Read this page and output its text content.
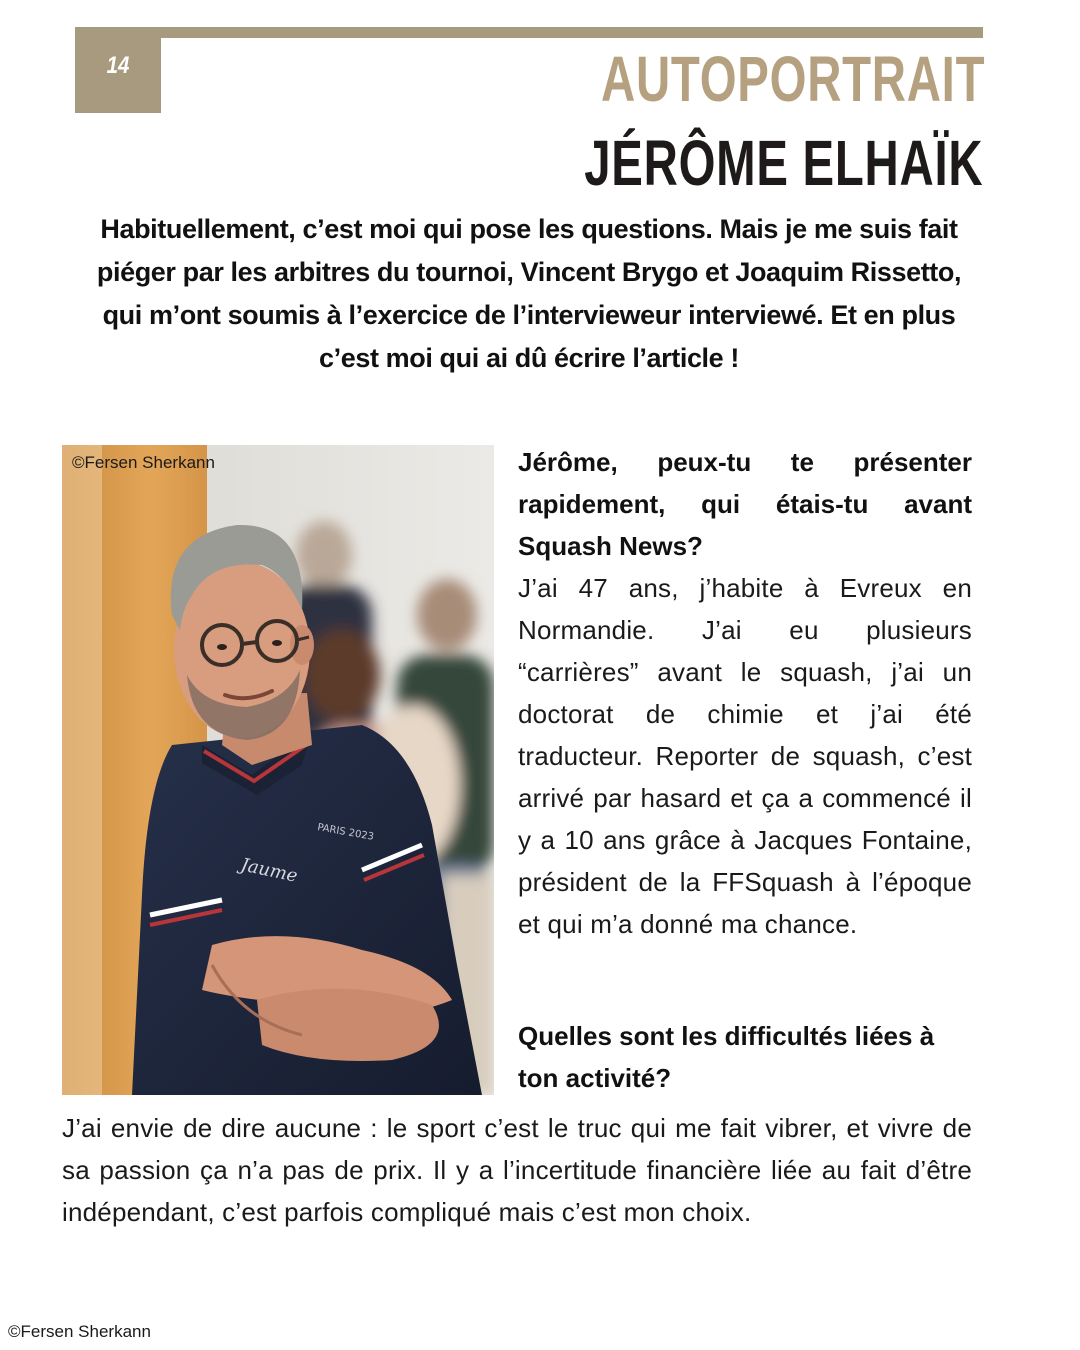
14	AUTOPORTRAIT
JÉRÔME ELHAÏK

Habituellement, c’est moi qui pose les questions. Mais je me suis fait piéger par les arbitres du tournoi, Vincent Brygo et Joaquim Rissetto, qui m’ont soumis à l’exercice de l’intervieweur interviewé. Et en plus c’est moi qui ai dû écrire l’article !

Jaume
PARIS 2023
©Fersen Sherkann	Jérôme, peux-tu te présenter rapidement, qui étais-tu avant Squash News?

J’ai 47 ans, j’habite à Evreux en Normandie. J’ai eu plusieurs “carrières” avant le squash, j’ai un doctorat de chimie et j’ai été traducteur. Reporter de squash, c’est arrivé par hasard et ça a commencé il y a 10 ans grâce à Jacques Fontaine, président de la FFSquash à l’époque et qui m’a donné ma chance.

Quelles sont les difficultés liées à ton activité?

J’ai envie de dire aucune : le sport c’est le truc qui me fait vibrer, et vivre de sa passion ça n’a pas de prix. Il y a l’incertitude financière liée au fait d’être indépendant, c’est parfois compliqué mais c’est mon choix.

©Fersen Sherkann
